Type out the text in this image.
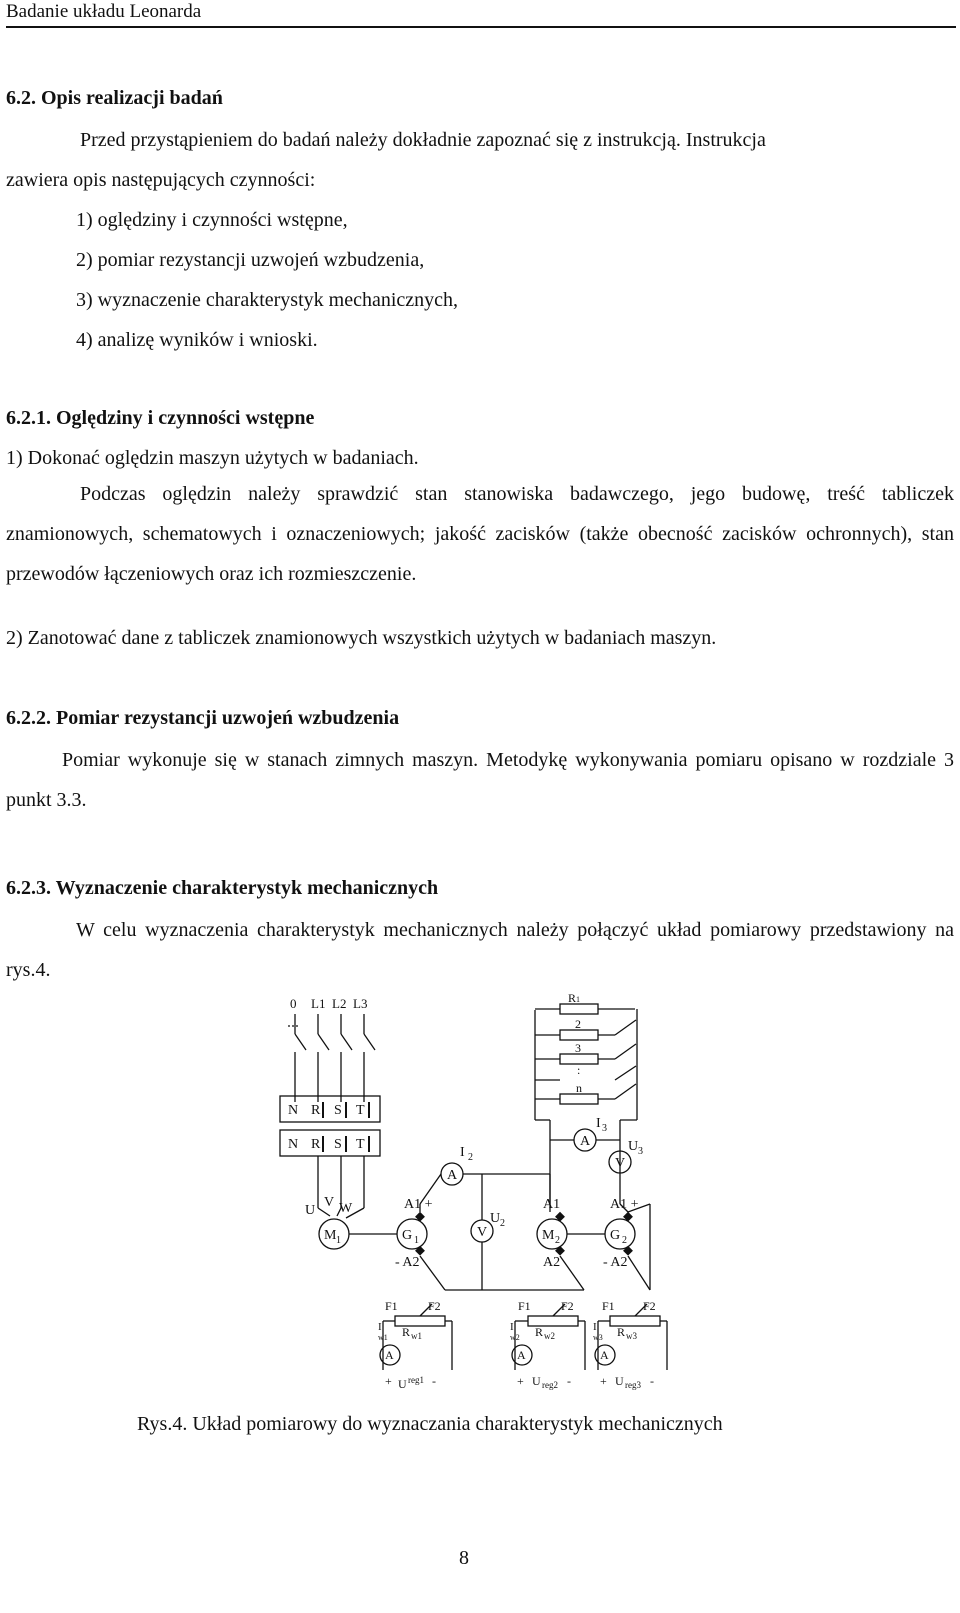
Badanie układu Leonarda
6.2. Opis realizacji badań
Przed przystąpieniem do badań należy dokładnie zapoznać się z instrukcją. Instrukcja
zawiera opis następujących czynności:
1) oględziny i czynności wstępne,
2) pomiar rezystancji uzwojeń wzbudzenia,
3) wyznaczenie charakterystyk mechanicznych,
4) analizę wyników i wnioski.
6.2.1. Oględziny i czynności wstępne
1) Dokonać oględzin maszyn użytych w badaniach.

Podczas oględzin należy sprawdzić stan stanowiska badawczego, jego budowę, treść tabliczek znamionowych, schematowych i oznaczeniowych; jakość zacisków (także obecność zacisków ochronnych), stan przewodów łączeniowych oraz ich rozmieszczenie.

2) Zanotować dane z tabliczek znamionowych wszystkich użytych w badaniach maszyn.
6.2.2. Pomiar rezystancji uzwojeń wzbudzenia

Pomiar wykonuje się w stanach zimnych maszyn. Metodykę wykonywania pomiaru opisano w rozdziale 3 punkt 3.3.

6.2.3. Wyznaczenie charakterystyk mechanicznych

W celu wyznaczenia charakterystyk mechanicznych należy połączyć układ pomiarowy przedstawiony na rys.4.

0 L1 L2 L3
N R S T
N R S T
R 1
2
3
:
n
A
V
I 3
U 3
A
I 2
U
V W
M 1	G 1	M 2	G 2
A1 +
- A2
A1
A2
A1 +
- A2
V
U 2
F1	F2
R w1
A
I
w1
+ U reg1 -
F1	F2
R w2
A
I
w2
+ U reg2 -
F1 F2
R w3
A
I
w3
+ U reg3 -
Rys.4. Układ pomiarowy do wyznaczania charakterystyk mechanicznych
8
